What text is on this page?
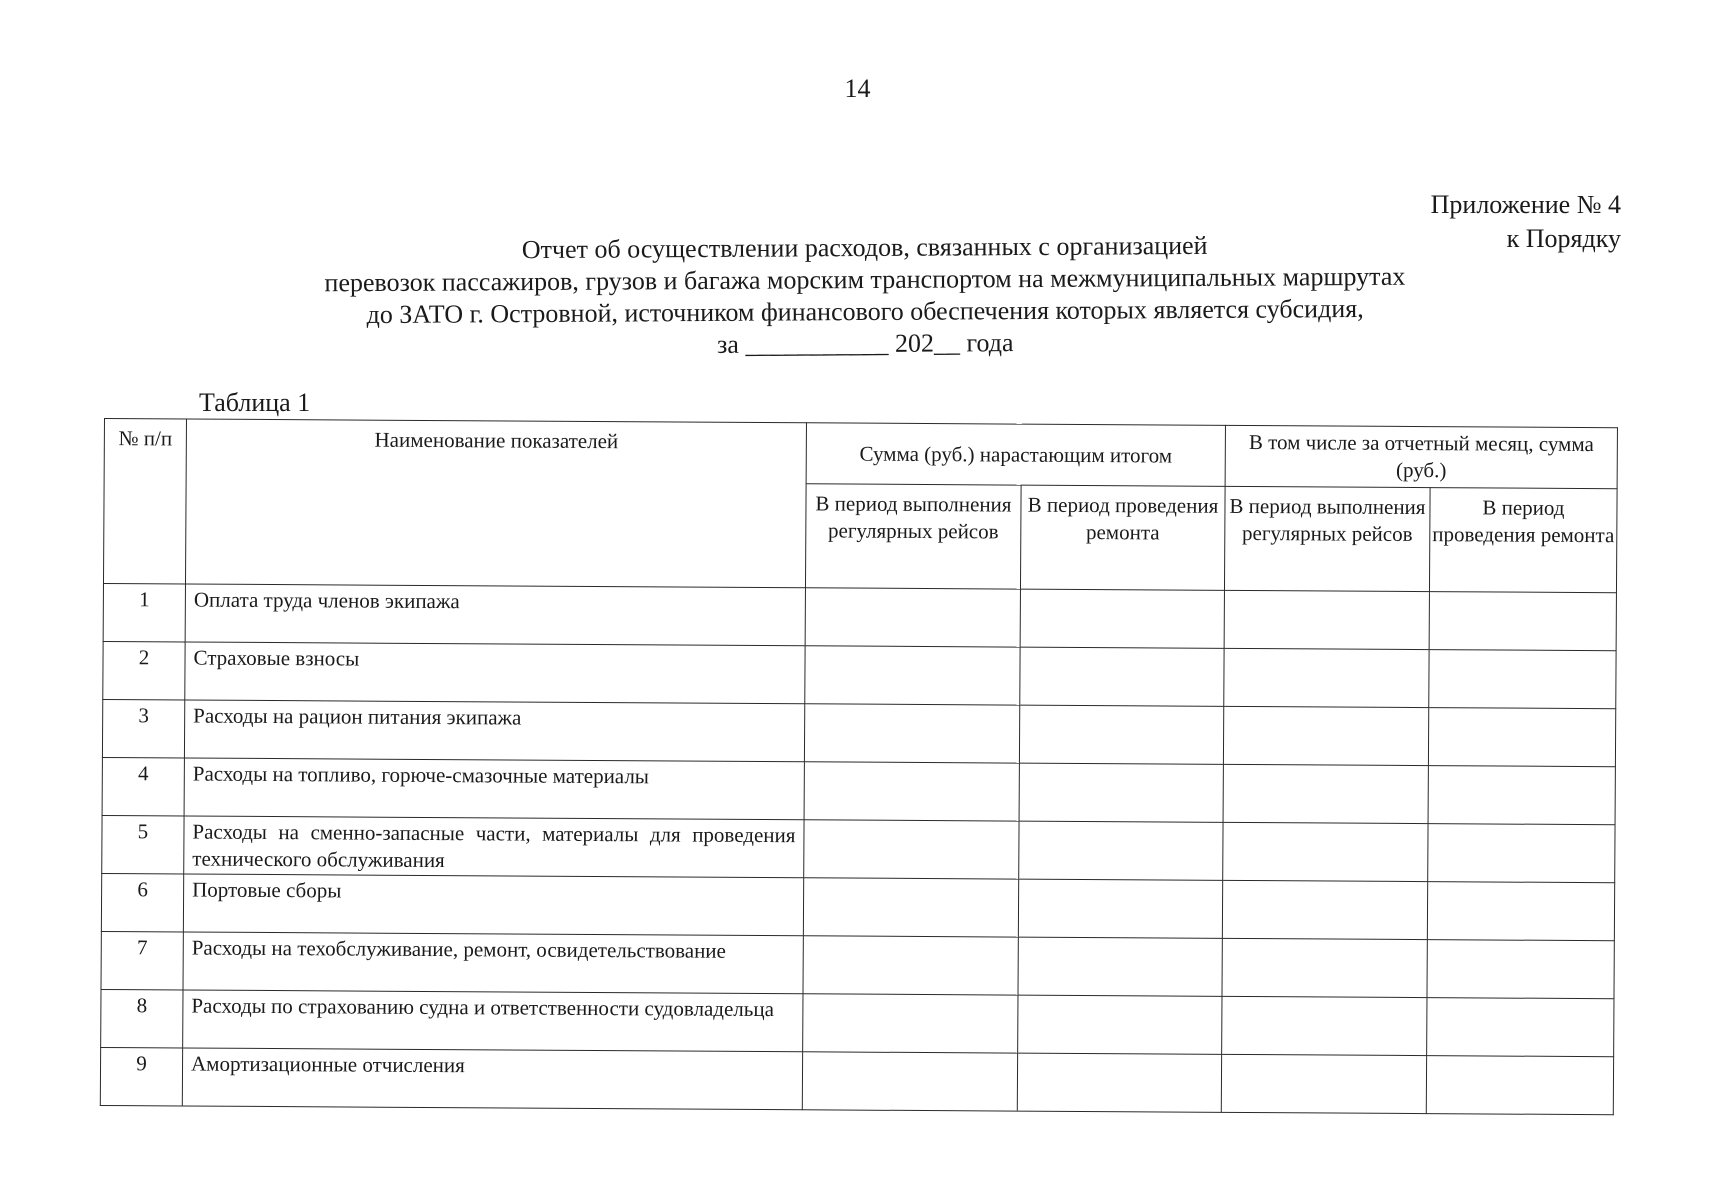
14
Приложение № 4
к Порядку
Отчет об осуществлении расходов, связанных с организацией
перевозок пассажиров, грузов и багажа морским транспортом на межмуниципальных маршрутах
до ЗАТО г. Островной, источником финансового обеспечения которых является субсидия,
за ___________ 202__ года
Таблица 1
№ п/п	Наименование показателей	Сумма (руб.) нарастающим итогом		В том числе за отчетный месяц, сумма (руб.)	
		В период выполнения регулярных рейсов	В период проведения ремонта	В период выполнения регулярных рейсов	В период проведения ремонта
1	Оплата труда членов экипажа				
2	Страховые взносы				
3	Расходы на рацион питания экипажа				
4	Расходы на топливо, горюче-смазочные материалы				
5	Расходы на сменно-запасные части, материалы для проведения технического обслуживания				
6	Портовые сборы				
7	Расходы на техобслуживание, ремонт, освидетельствование				
8	Расходы по страхованию судна и ответственности судовладельца				
9	Амортизационные отчисления				
